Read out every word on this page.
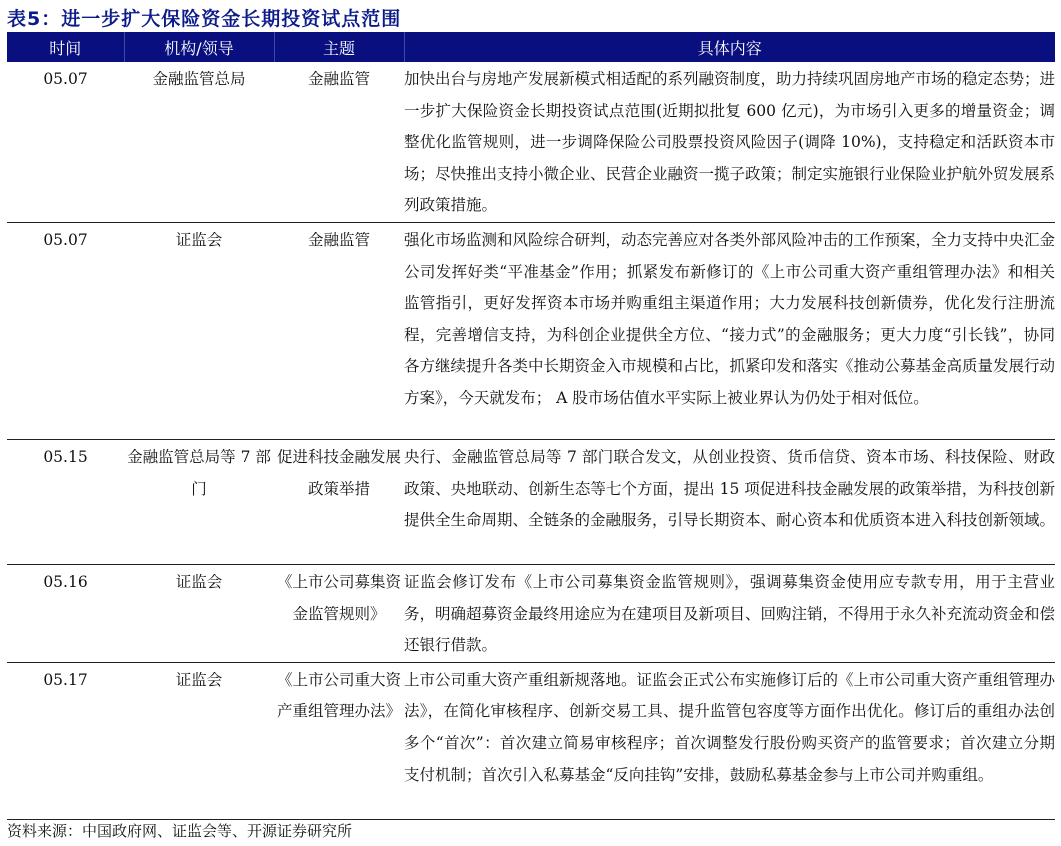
表5：进一步扩大保险资金长期投资试点范围
时间	机构/领导	主题	具体内容
05.07	金融监管总局	金融监管	加快出台与房地产发展新模式相适配的系列融资制度，助力持续巩固房地产市场的稳定态势；进一步扩大保险资金长期投资试点范围(近期拟批复 600 亿元)，为市场引入更多的增量资金；调整优化监管规则，进一步调降保险公司股票投资风险因子(调降 10%)，支持稳定和活跃资本市场；尽快推出支持小微企业、民营企业融资一揽子政策；制定实施银行业保险业护航外贸发展系列政策措施。
05.07	证监会	金融监管	强化市场监测和风险综合研判，动态完善应对各类外部风险冲击的工作预案，全力支持中央汇金公司发挥好类“平准基金”作用；抓紧发布新修订的《上市公司重大资产重组管理办法》和相关监管指引，更好发挥资本市场并购重组主渠道作用；大力发展科技创新债券，优化发行注册流程，完善增信支持，为科创企业提供全方位、“接力式”的金融服务；更大力度“引长钱”，协同各方继续提升各类中长期资金入市规模和占比，抓紧印发和落实《推动公募基金高质量发展行动方案》，今天就发布； A 股市场估值水平实际上被业界认为仍处于相对低位。
05.15	金融监管总局等 7 部门	促进科技金融发展政策举措	央行、金融监管总局等 7 部门联合发文，从创业投资、货币信贷、资本市场、科技保险、财政政策、央地联动、创新生态等七个方面，提出 15 项促进科技金融发展的政策举措，为科技创新提供全生命周期、全链条的金融服务，引导长期资本、耐心资本和优质资本进入科技创新领域。
05.16	证监会	《上市公司募集资金监管规则》	证监会修订发布《上市公司募集资金监管规则》，强调募集资金使用应专款专用，用于主营业务，明确超募资金最终用途应为在建项目及新项目、回购注销，不得用于永久补充流动资金和偿还银行借款。
05.17	证监会	《上市公司重大资产重组管理办法》	上市公司重大资产重组新规落地。证监会正式公布实施修订后的《上市公司重大资产重组管理办法》，在简化审核程序、创新交易工具、提升监管包容度等方面作出优化。修订后的重组办法创多个“首次”：首次建立简易审核程序；首次调整发行股份购买资产的监管要求；首次建立分期支付机制；首次引入私募基金“反向挂钩”安排，鼓励私募基金参与上市公司并购重组。
资料来源：中国政府网、证监会等、开源证券研究所
